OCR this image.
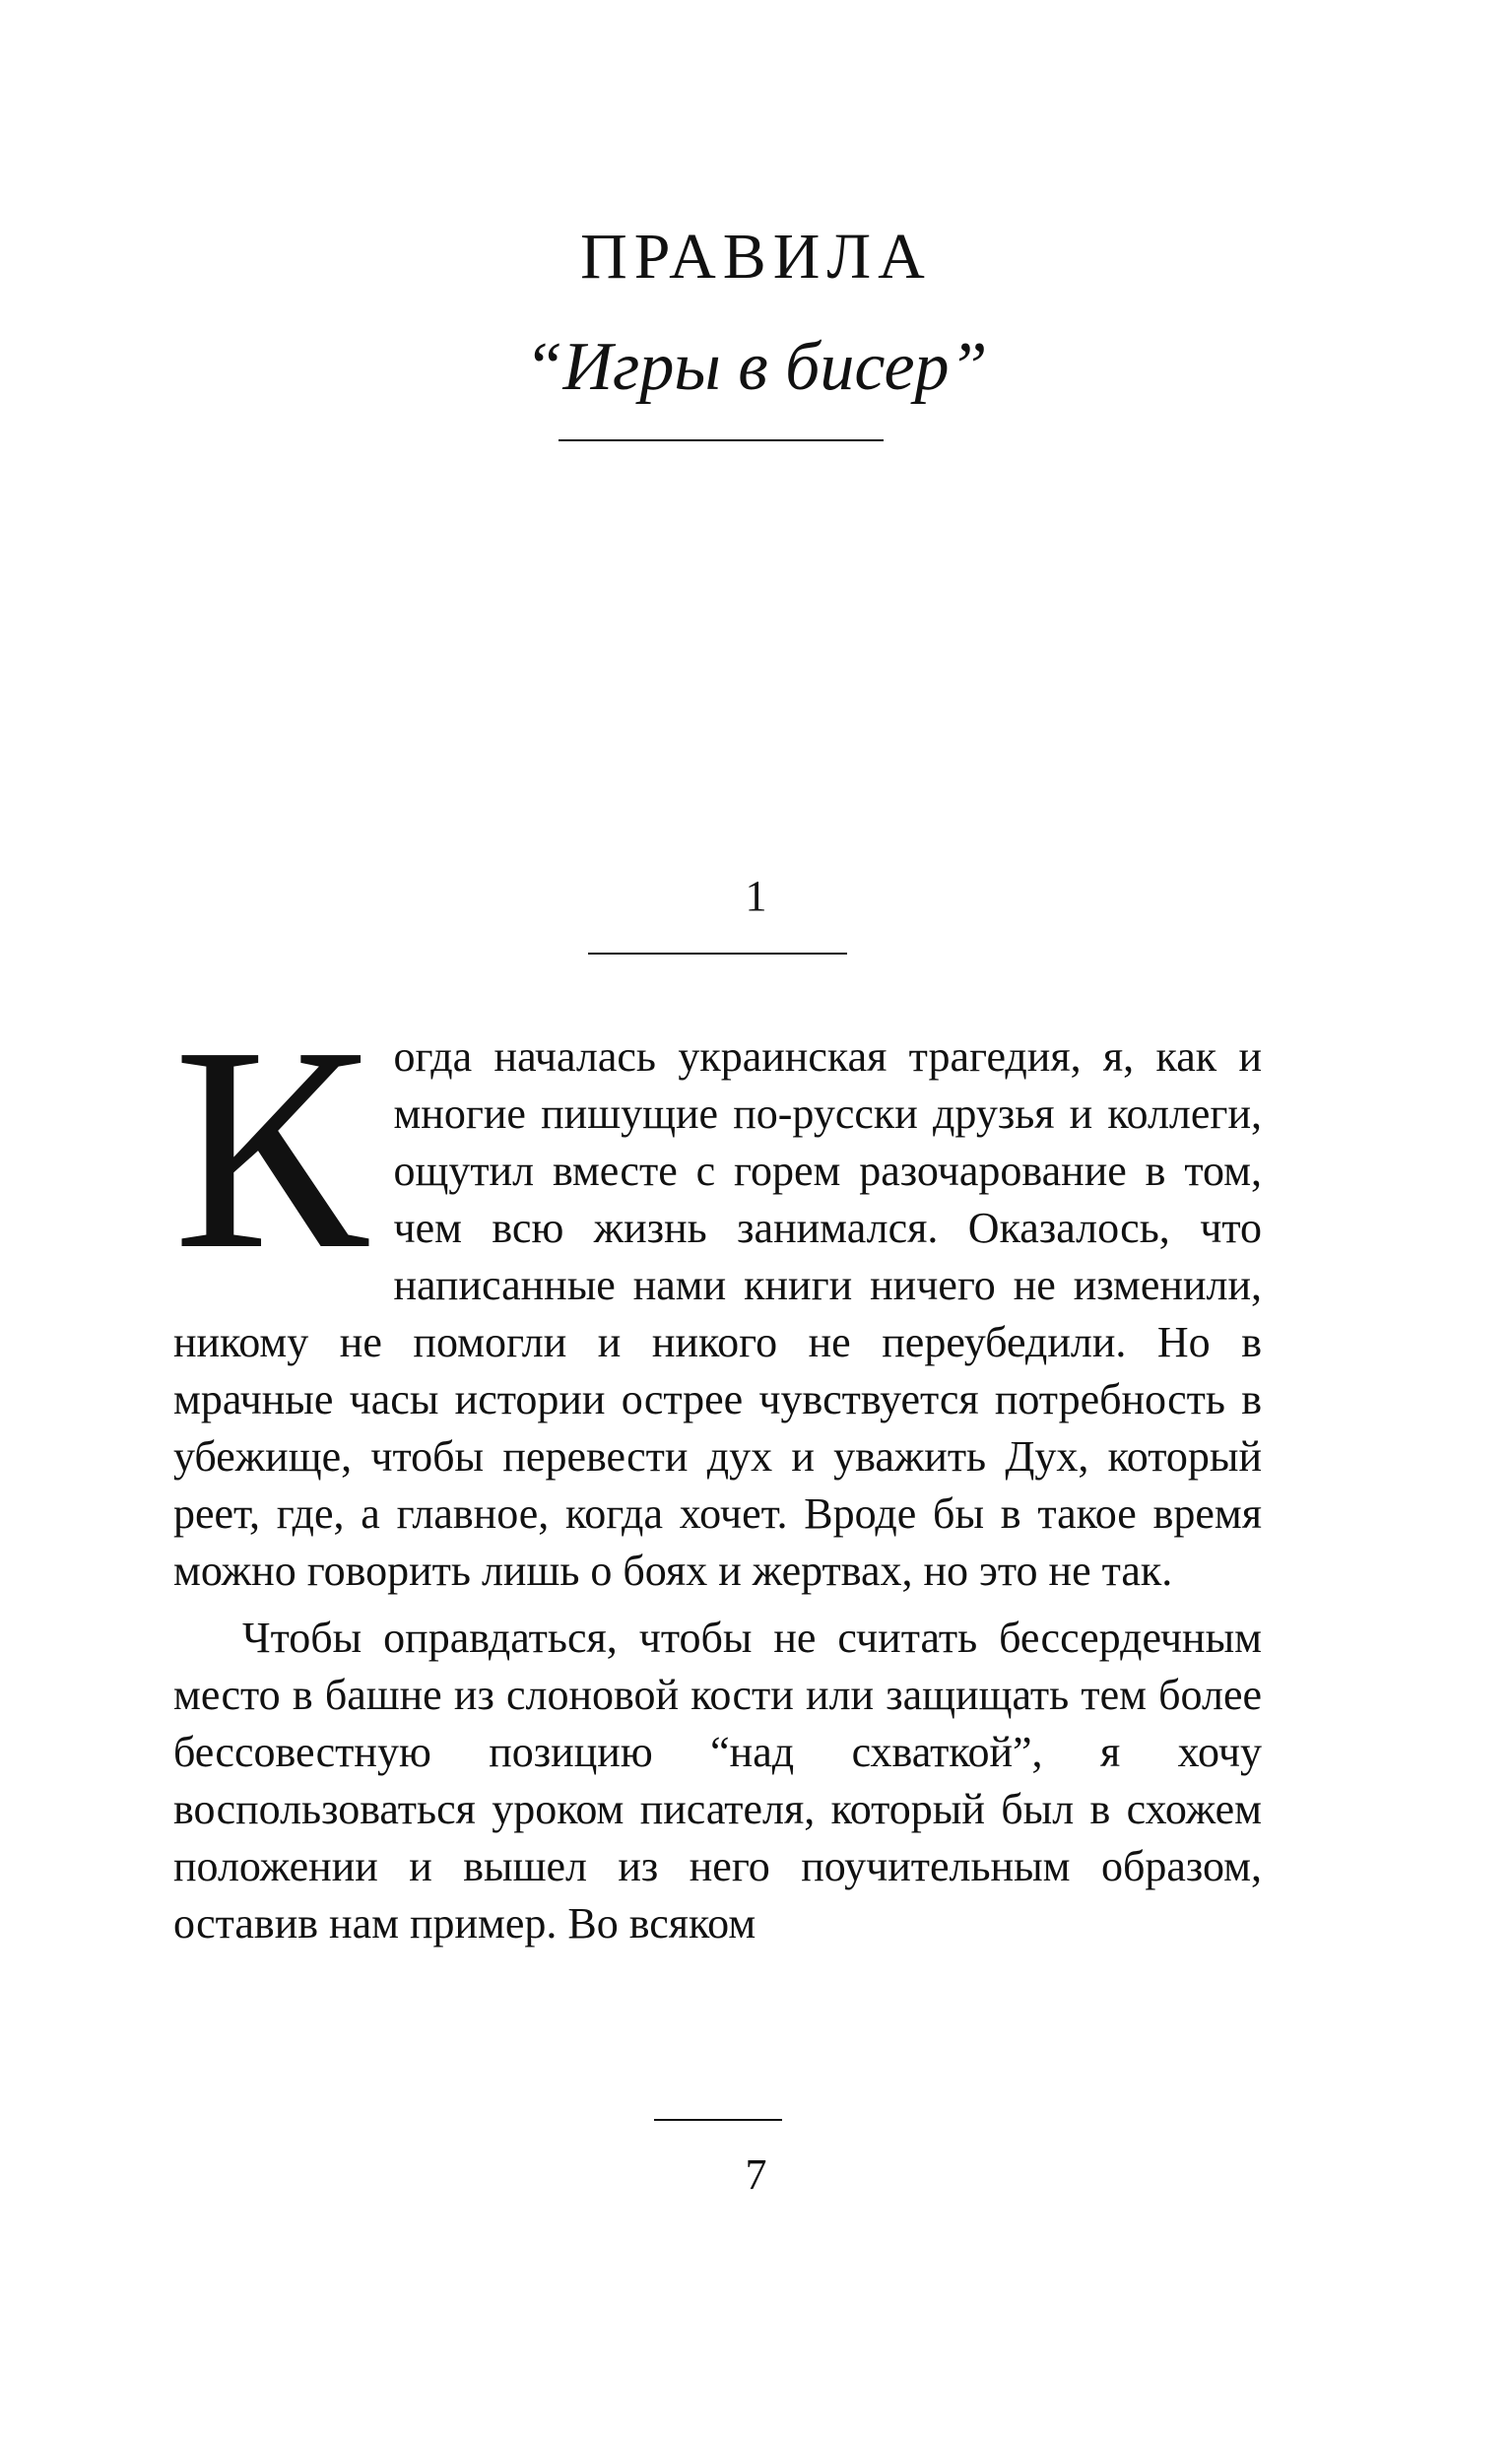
ПРАВИЛА
“Игры в бисер”
1

Когда началась украинская трагедия, я, как и многие пишущие по-русски друзья и коллеги, ощутил вместе с горем разочарование в том, чем всю жизнь занимался. Оказалось, что написанные нами книги ничего не изменили, никому не помогли и никого не переубедили. Но в мрачные часы истории острее чувствуется потребность в убежище, чтобы перевести дух и уважить Дух, который реет, где, а главное, когда хочет. Вроде бы в такое время можно говорить лишь о боях и жертвах, но это не так.

Чтобы оправдаться, чтобы не считать бессердечным место в башне из слоновой кости или защищать тем более бессовестную позицию “над схваткой”, я хочу воспользоваться уроком писателя, который был в схожем положении и вышел из него поучительным образом, оставив нам пример. Во всяком

7
